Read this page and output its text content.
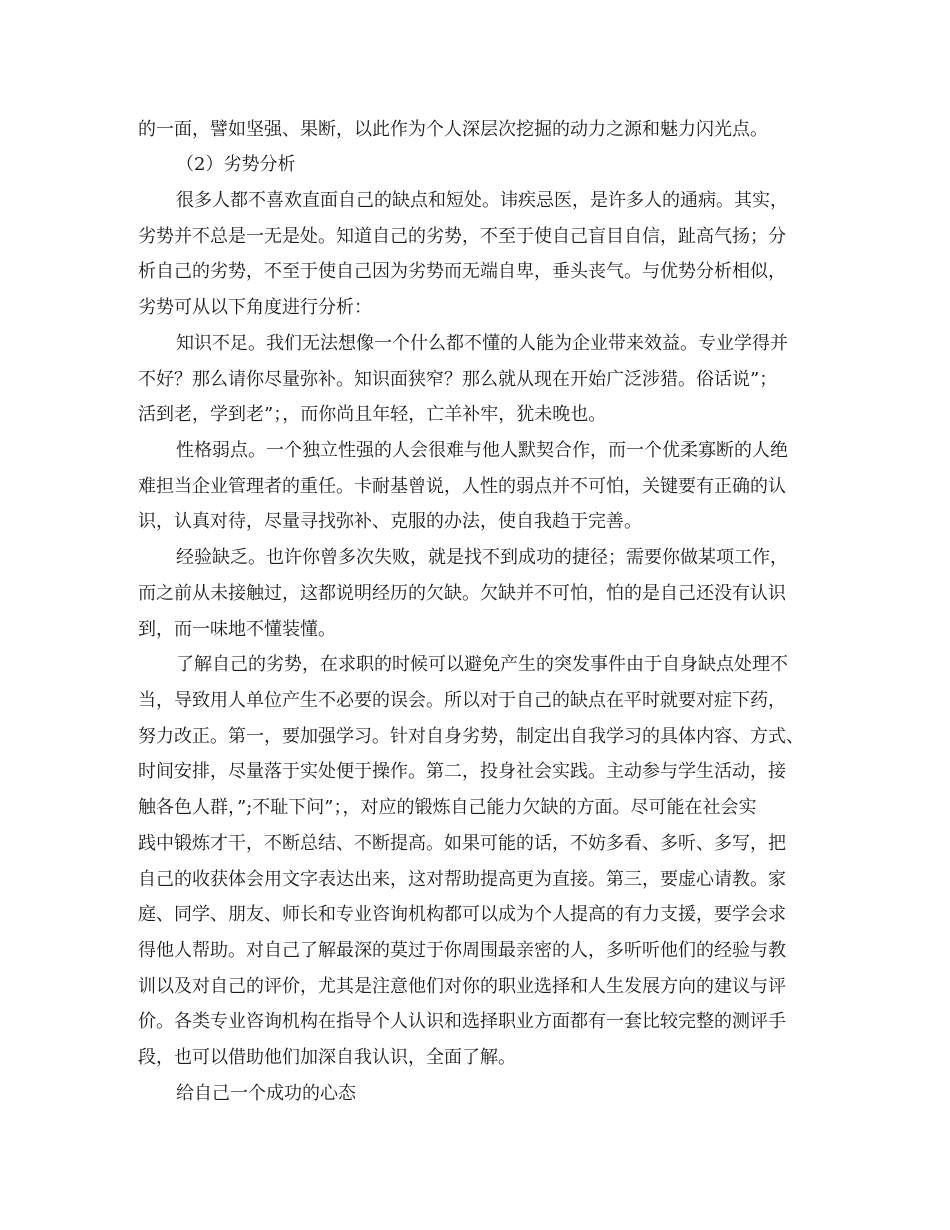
的一面，譬如坚强、果断，以此作为个人深层次挖掘的动力之源和魅力闪光点。
（2）劣势分析
很多人都不喜欢直面自己的缺点和短处。讳疾忌医，是许多人的通病。其实，
劣势并不总是一无是处。知道自己的劣势，不至于使自己盲目自信，趾高气扬；分
析自己的劣势，不至于使自己因为劣势而无端自卑，垂头丧气。与优势分析相似，
劣势可从以下角度进行分析：
知识不足。我们无法想像一个什么都不懂的人能为企业带来效益。专业学得并
不好？那么请你尽量弥补。知识面狭窄？那么就从现在开始广泛涉猎。俗话说”；
活到老，学到老”；，而你尚且年轻，亡羊补牢，犹未晚也。
性格弱点。一个独立性强的人会很难与他人默契合作，而一个优柔寡断的人绝
难担当企业管理者的重任。卡耐基曾说，人性的弱点并不可怕，关键要有正确的认
识，认真对待，尽量寻找弥补、克服的办法，使自我趋于完善。
经验缺乏。也许你曾多次失败，就是找不到成功的捷径；需要你做某项工作，
而之前从未接触过，这都说明经历的欠缺。欠缺并不可怕，怕的是自己还没有认识
到，而一味地不懂装懂。
了解自己的劣势，在求职的时候可以避免产生的突发事件由于自身缺点处理不
当，导致用人单位产生不必要的误会。所以对于自己的缺点在平时就要对症下药，
努力改正。第一，要加强学习。针对自身劣势，制定出自我学习的具体内容、方式、
时间安排，尽量落于实处便于操作。第二，投身社会实践。主动参与学生活动，接
触各色人群，”;不耻下问”；，对应的锻炼自己能力欠缺的方面。尽可能在社会实
践中锻炼才干，不断总结、不断提高。如果可能的话，不妨多看、多听、多写，把
自己的收获体会用文字表达出来，这对帮助提高更为直接。第三，要虚心请教。家
庭、同学、朋友、师长和专业咨询机构都可以成为个人提高的有力支援，要学会求
得他人帮助。对自己了解最深的莫过于你周围最亲密的人，多听听他们的经验与教
训以及对自己的评价，尤其是注意他们对你的职业选择和人生发展方向的建议与评
价。各类专业咨询机构在指导个人认识和选择职业方面都有一套比较完整的测评手
段，也可以借助他们加深自我认识，全面了解。
给自己一个成功的心态
